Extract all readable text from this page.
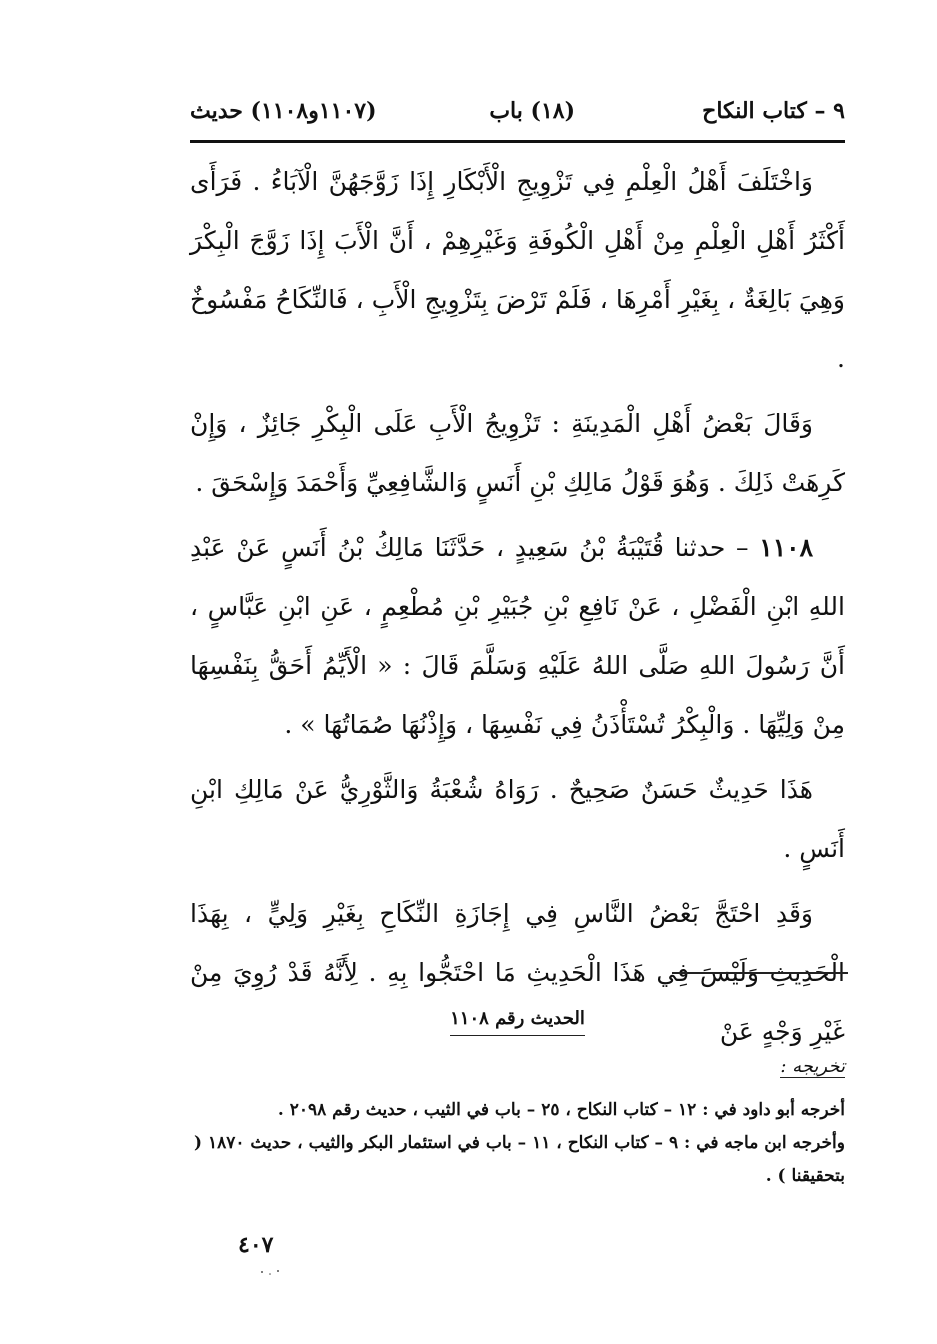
٩ – كتاب النكاح
(١٨) باب
(١١٠٧و١١٠٨) حديث

وَاخْتَلَفَ أَهْلُ الْعِلْمِ فِي تَزْوِيجِ الْأَبْكَارِ إِذَا زَوَّجَهُنَّ الْآبَاءُ . فَرَأَى أَكْثَرُ أَهْلِ الْعِلْمِ مِنْ أَهْلِ الْكُوفَةِ وَغَيْرِهِمْ ، أَنَّ الْأَبَ إِذَا زَوَّجَ الْبِكْرَ وَهِيَ بَالِغَةٌ ، بِغَيْرِ أَمْرِهَا ، فَلَمْ تَرْضَ بِتَزْوِيجِ الْأَبِ ، فَالنِّكَاحُ مَفْسُوخٌ .

وَقَالَ بَعْضُ أَهْلِ الْمَدِينَةِ : تَزْوِيجُ الْأَبِ عَلَى الْبِكْرِ جَائِزٌ ، وَإِنْ كَرِهَتْ ذَلِكَ . وَهُوَ قَوْلُ مَالِكِ بْنِ أَنَسٍ وَالشَّافِعِيِّ وَأَحْمَدَ وَإِسْحَقَ .

١١٠٨ – حدثنا قُتَيْبَةُ بْنُ سَعِيدٍ ، حَدَّثَنَا مَالِكُ بْنُ أَنَسٍ عَنْ عَبْدِ اللهِ ابْنِ الْفَضْلِ ، عَنْ نَافِعِ بْنِ جُبَيْرِ بْنِ مُطْعِمٍ ، عَنِ ابْنِ عَبَّاسٍ ، أَنَّ رَسُولَ اللهِ صَلَّى اللهُ عَلَيْهِ وَسَلَّمَ قَالَ : « الْأَيِّمُ أَحَقُّ بِنَفْسِهَا مِنْ وَلِيِّهَا . وَالْبِكْرُ تُسْتَأْذَنُ فِي نَفْسِهَا ، وَإِذْنُهَا صُمَاتُهَا » .

هَذَا حَدِيثٌ حَسَنٌ صَحِيحٌ . رَوَاهُ شُعْبَةُ وَالثَّوْرِيُّ عَنْ مَالِكِ ابْنِ أَنَسٍ .

وَقَدِ احْتَجَّ بَعْضُ النَّاسِ فِي إِجَازَةِ النِّكَاحِ بِغَيْرِ وَلِيٍّ ، بِهَذَا الْحَدِيثِ وَلَيْسَ فِي هَذَا الْحَدِيثِ مَا احْتَجُّوا بِهِ . لِأَنَّهُ قَدْ رُوِيَ مِنْ غَيْرِ وَجْهٍ عَنْ

الحديث رقم ١١٠٨
تخريجه :

أخرجه أبو داود في : ١٢ – كتاب النكاح ، ٢٥ – باب في الثيب ، حديث رقم ٢٠٩٨ .

وأخرجه ابن ماجه في : ٩ – كتاب النكاح ، ١١ – باب في استئمار البكر والثيب ، حديث ١٨٧٠ ( بتحقيقنا ) .

٤٠٧
